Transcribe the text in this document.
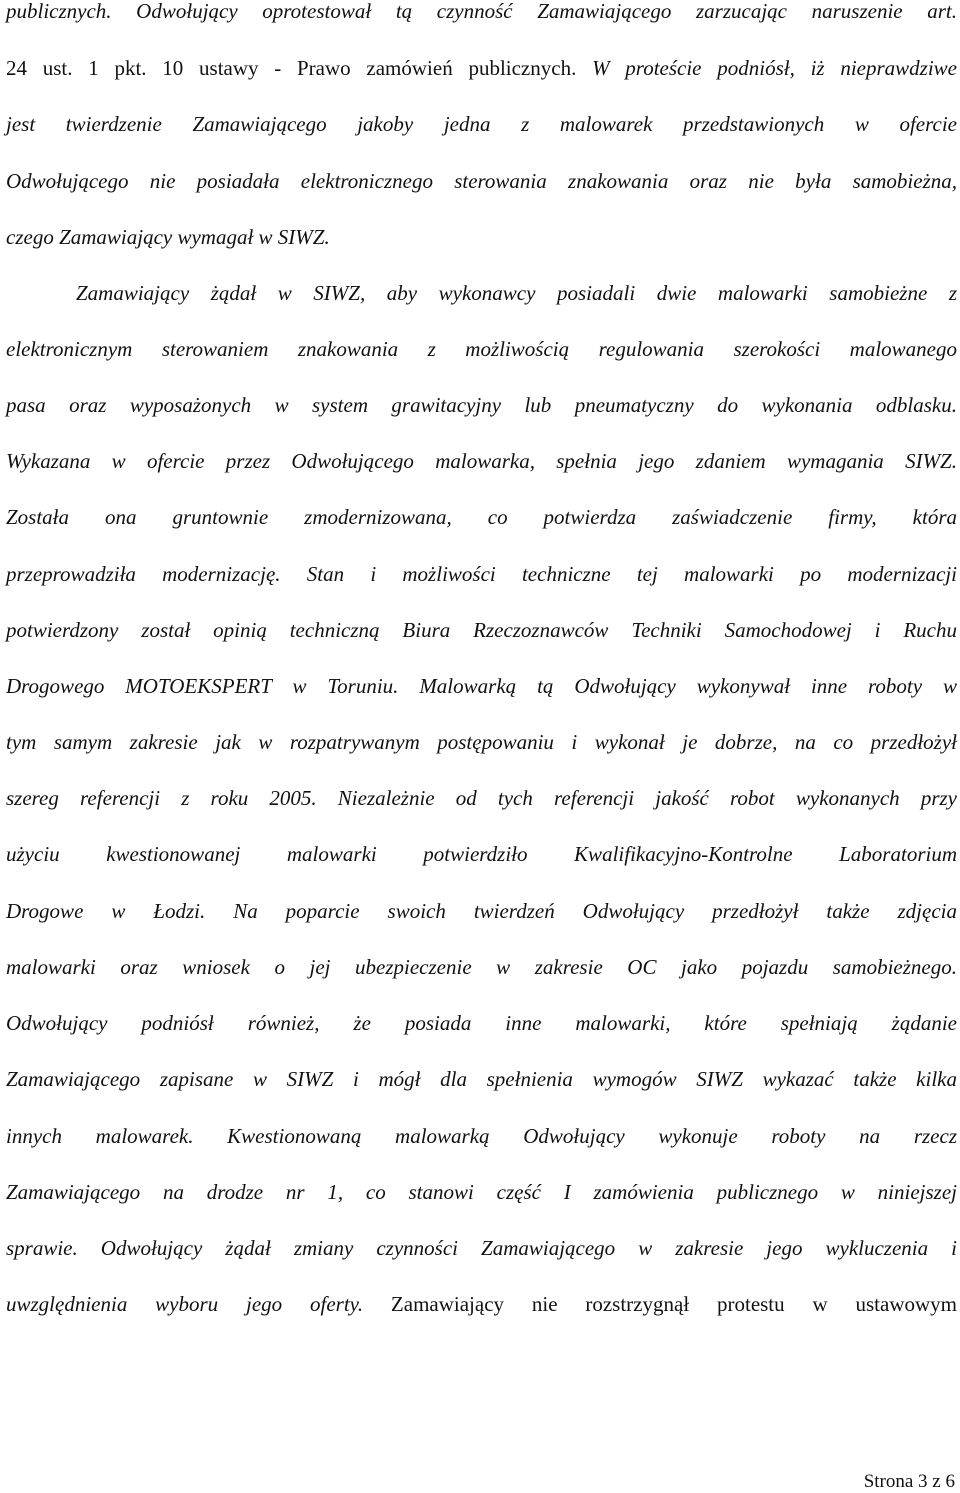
publicznych. Odwołujący oprotestował tą czynność Zamawiającego zarzucając naruszenie art.
24 ust. 1 pkt. 10 ustawy - Prawo zamówień publicznych. W proteście podniósł, iż nieprawdziwe
jest twierdzenie Zamawiającego jakoby jedna z malowarek przedstawionych w ofercie
Odwołującego nie posiadała elektronicznego sterowania znakowania oraz nie była samobieżna,
czego Zamawiający wymagał w SIWZ.
Zamawiający żądał w SIWZ, aby wykonawcy posiadali dwie malowarki samobieżne z
elektronicznym sterowaniem znakowania z możliwością regulowania szerokości malowanego
pasa oraz wyposażonych w system grawitacyjny lub pneumatyczny do wykonania odblasku.
Wykazana w ofercie przez Odwołującego malowarka, spełnia jego zdaniem wymagania SIWZ.
Została ona gruntownie zmodernizowana, co potwierdza zaświadczenie firmy, która
przeprowadziła modernizację. Stan i możliwości techniczne tej malowarki po modernizacji
potwierdzony został opinią techniczną Biura Rzeczoznawców Techniki Samochodowej i Ruchu
Drogowego MOTOEKSPERT w Toruniu. Malowarką tą Odwołujący wykonywał inne roboty w
tym samym zakresie jak w rozpatrywanym postępowaniu i wykonał je dobrze, na co przedłożył
szereg referencji z roku 2005. Niezależnie od tych referencji jakość robot wykonanych przy
użyciu kwestionowanej malowarki potwierdziło Kwalifikacyjno-Kontrolne Laboratorium
Drogowe w Łodzi. Na poparcie swoich twierdzeń Odwołujący przedłożył także zdjęcia
malowarki oraz wniosek o jej ubezpieczenie w zakresie OC jako pojazdu samobieżnego.
Odwołujący podniósł również, że posiada inne malowarki, które spełniają żądanie
Zamawiającego zapisane w SIWZ i mógł dla spełnienia wymogów SIWZ wykazać także kilka
innych malowarek. Kwestionowaną malowarką Odwołujący wykonuje roboty na rzecz
Zamawiającego na drodze nr 1, co stanowi część I zamówienia publicznego w niniejszej
sprawie. Odwołujący żądał zmiany czynności Zamawiającego w zakresie jego wykluczenia i
uwzględnienia wyboru jego oferty. Zamawiający nie rozstrzygnął protestu w ustawowym
Strona 3 z 6
